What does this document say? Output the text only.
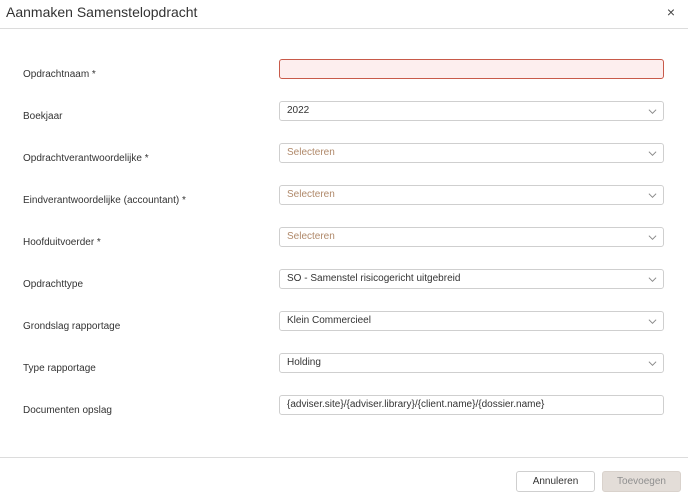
Aanmaken Samenstelopdracht	×
Opdrachtnaam *
Boekjaar
2022
Opdrachtverantwoordelijke *
Selecteren
Eindverantwoordelijke (accountant) *
Selecteren
Hoofduitvoerder *
Selecteren
Opdrachttype
SO - Samenstel risicogericht uitgebreid
Grondslag rapportage
Klein Commercieel
Type rapportage
Holding
Documenten opslag
{adviser.site}/{adviser.library}/{client.name}/{dossier.name}
Annuleren	Toevoegen
